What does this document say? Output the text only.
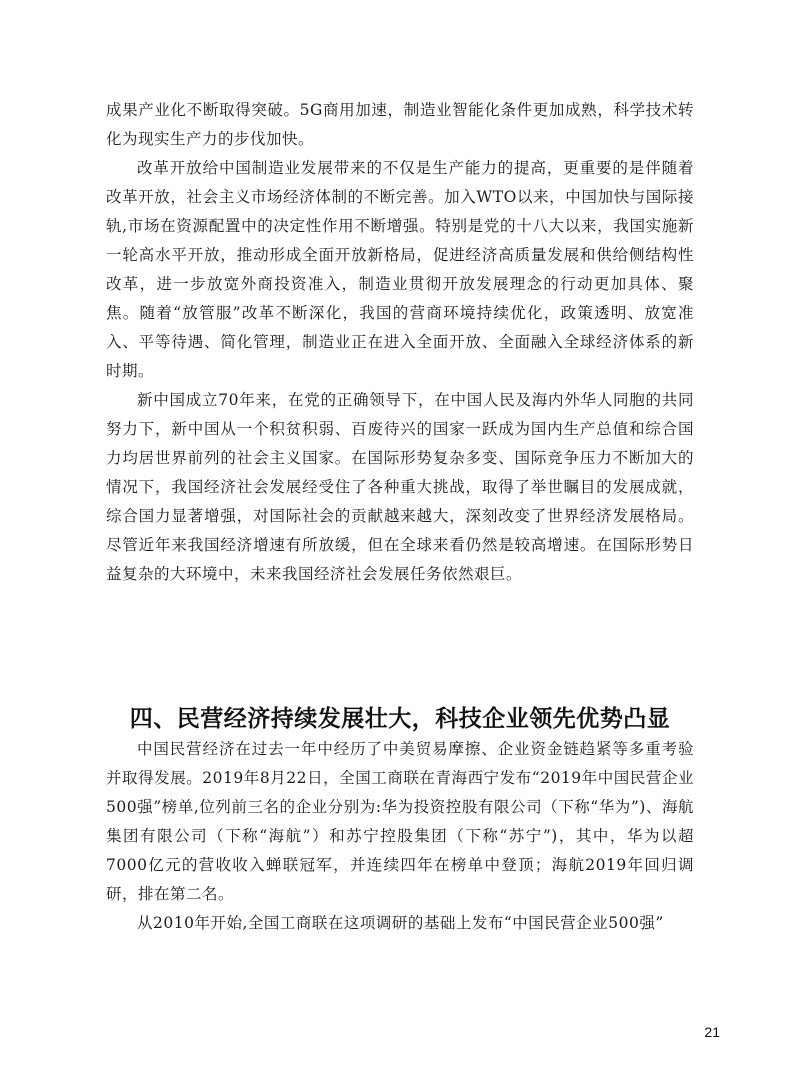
成果产业化不断取得突破。5G商用加速，制造业智能化条件更加成熟，科学技术转化为现实生产力的步伐加快。

改革开放给中国制造业发展带来的不仅是生产能力的提高，更重要的是伴随着改革开放，社会主义市场经济体制的不断完善。加入WTO以来，中国加快与国际接轨,市场在资源配置中的决定性作用不断增强。特别是党的十八大以来，我国实施新一轮高水平开放，推动形成全面开放新格局，促进经济高质量发展和供给侧结构性改革，进一步放宽外商投资准入，制造业贯彻开放发展理念的行动更加具体、聚焦。随着“放管服”改革不断深化，我国的营商环境持续优化，政策透明、放宽准入、平等待遇、简化管理，制造业正在进入全面开放、全面融入全球经济体系的新时期。

新中国成立70年来，在党的正确领导下，在中国人民及海内外华人同胞的共同努力下，新中国从一个积贫积弱、百废待兴的国家一跃成为国内生产总值和综合国力均居世界前列的社会主义国家。在国际形势复杂多变、国际竞争压力不断加大的情况下，我国经济社会发展经受住了各种重大挑战，取得了举世瞩目的发展成就，综合国力显著增强，对国际社会的贡献越来越大，深刻改变了世界经济发展格局。尽管近年来我国经济增速有所放缓，但在全球来看仍然是较高增速。在国际形势日益复杂的大环境中，未来我国经济社会发展任务依然艰巨。

四、民营经济持续发展壮大，科技企业领先优势凸显

中国民营经济在过去一年中经历了中美贸易摩擦、企业资金链趋紧等多重考验并取得发展。2019年8月22日，全国工商联在青海西宁发布“2019年中国民营企业500强”榜单,位列前三名的企业分别为:华为投资控股有限公司（下称“华为”)、海航集团有限公司（下称“海航”）和苏宁控股集团（下称“苏宁”)，其中，华为以超7000亿元的营收收入蝉联冠军，并连续四年在榜单中登顶；海航2019年回归调研，排在第二名。

从2010年开始,全国工商联在这项调研的基础上发布“中国民营企业500强”

21
